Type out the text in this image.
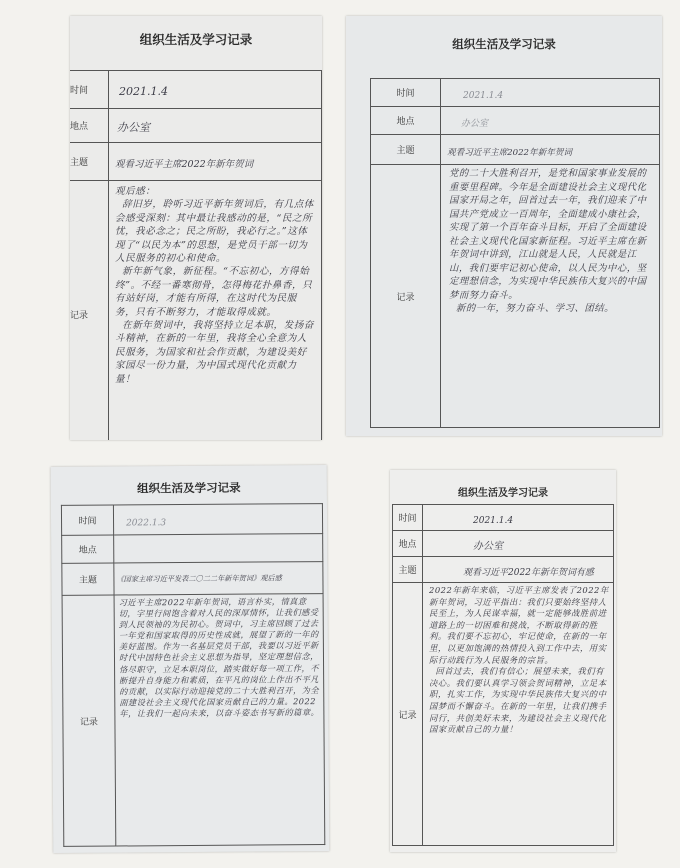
组织生活及学习记录
时间	2021.1.4
地点	办公室
主题	观看习近平主席2022年新年贺词
记录	观后感：
辞旧岁，聆听习近平新年贺词后，有几点体会感受深刻：其中最让我感动的是，“民之所忧，我必念之；民之所盼，我必行之。”这体现了“以民为本”的思想，是党员干部一切为人民服务的初心和使命。
新年新气象，新征程。“不忘初心，方得始终”。不经一番寒彻骨，怎得梅花扑鼻香，只有站好岗，才能有所得，在这时代为民服务，只有不断努力，才能取得成就。
在新年贺词中，我将坚持立足本职，发扬奋斗精神，在新的一年里，我将全心全意为人民服务，为国家和社会作贡献，为建设美好家园尽一份力量，为中国式现代化贡献力量！
组织生活及学习记录
时间	2021.1.4
地点	办公室
主题	观看习近平主席2022年新年贺词
记录	党的二十大胜利召开，是党和国家事业发展的重要里程碑。今年是全面建设社会主义现代化国家开局之年，回首过去一年，我们迎来了中国共产党成立一百周年，全面建成小康社会，实现了第一个百年奋斗目标，开启了全面建设社会主义现代化国家新征程。习近平主席在新年贺词中讲到，江山就是人民，人民就是江山，我们要牢记初心使命，以人民为中心，坚定理想信念，为实现中华民族伟大复兴的中国梦而努力奋斗。
新的一年，努力奋斗、学习、团结。
组织生活及学习记录
时间	2022.1.3
地点	
主题	《国家主席习近平发表二〇二二年新年贺词》观后感

记录	习近平主席2022年新年贺词，语言朴实，情真意切，字里行间饱含着对人民的深厚情怀，让我们感受到人民领袖的为民初心。贺词中，习主席回顾了过去一年党和国家取得的历史性成就，展望了新的一年的美好蓝图。作为一名基层党员干部，我要以习近平新时代中国特色社会主义思想为指导，坚定理想信念，恪尽职守，立足本职岗位，踏实做好每一项工作，不断提升自身能力和素质，在平凡的岗位上作出不平凡的贡献，以实际行动迎接党的二十大胜利召开，为全面建设社会主义现代化国家贡献自己的力量。2022年，让我们一起向未来，以奋斗姿态书写新的篇章。
组织生活及学习记录
时间	2021.1.4
地点	办公室
主题	观看习近平2022年新年贺词有感
记录	2022年新年来临，习近平主席发表了2022年新年贺词，习近平指出：我们只要始终坚持人民至上，为人民谋幸福，就一定能够战胜前进道路上的一切困难和挑战，不断取得新的胜利。我们要不忘初心，牢记使命，在新的一年里，以更加饱满的热情投入到工作中去，用实际行动践行为人民服务的宗旨。
回首过去，我们有信心；展望未来，我们有决心。我们要认真学习领会贺词精神，立足本职，扎实工作，为实现中华民族伟大复兴的中国梦而不懈奋斗。在新的一年里，让我们携手同行，共创美好未来，为建设社会主义现代化国家贡献自己的力量！
